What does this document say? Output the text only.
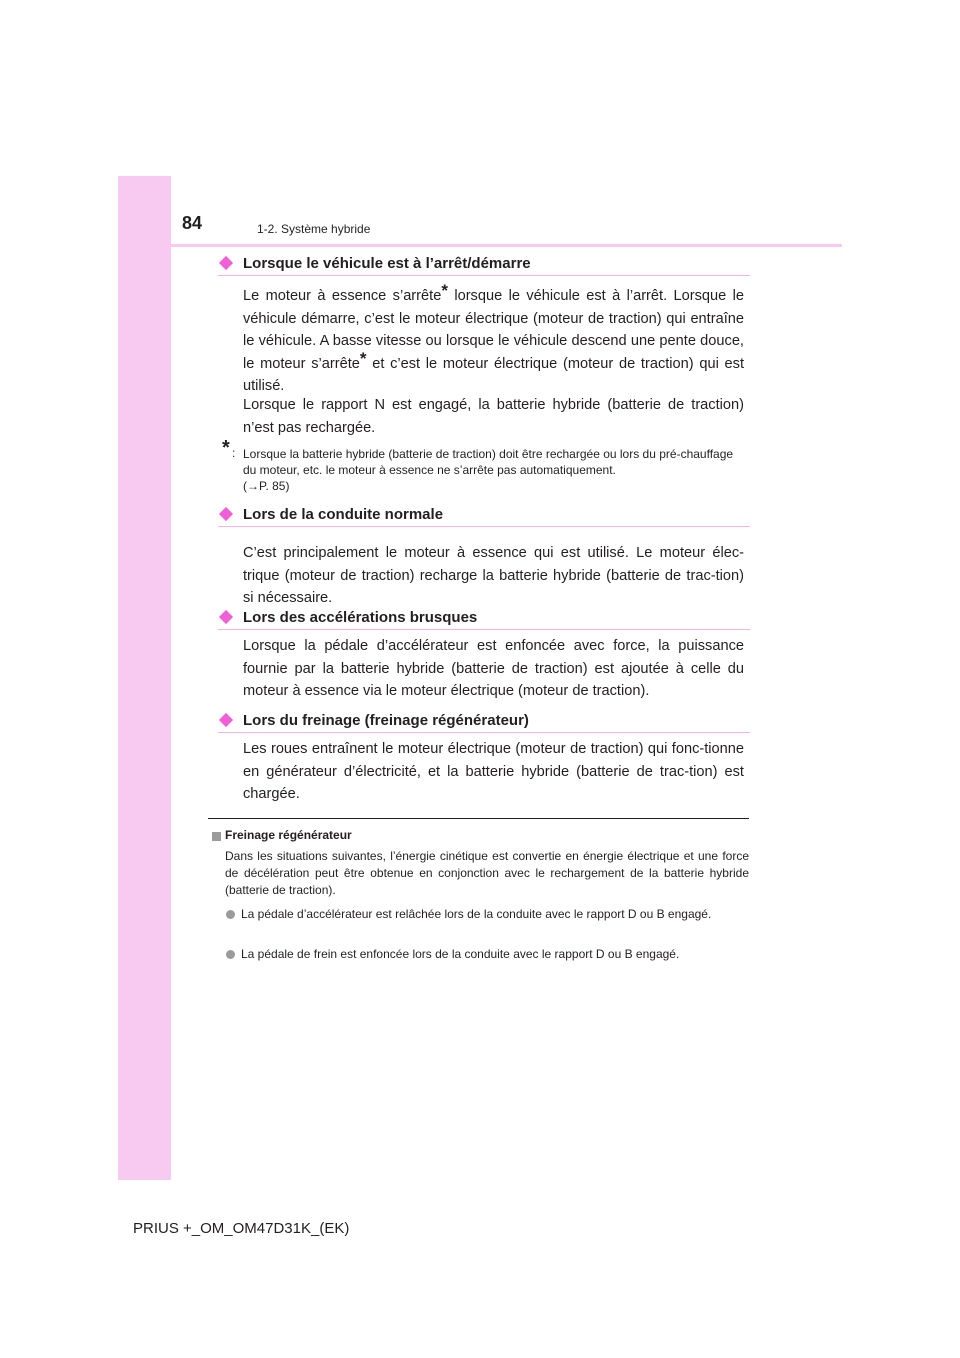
84	1-2. Système hybride
Lorsque le véhicule est à l’arrêt/démarre
Le moteur à essence s’arrête* lorsque le véhicule est à l’arrêt. Lorsque le véhicule démarre, c’est le moteur électrique (moteur de traction) qui entraîne le véhicule. A basse vitesse ou lorsque le véhicule descend une pente douce, le moteur s’arrête* et c’est le moteur électrique (moteur de traction) qui est utilisé.
Lorsque le rapport N est engagé, la batterie hybride (batterie de traction) n’est pas rechargée.
* : Lorsque la batterie hybride (batterie de traction) doit être rechargée ou lors du pré-chauffage du moteur, etc. le moteur à essence ne s’arrête pas automatiquement.
(→P. 85)
Lors de la conduite normale
C’est principalement le moteur à essence qui est utilisé. Le moteur élec-trique (moteur de traction) recharge la batterie hybride (batterie de trac-tion) si nécessaire.
Lors des accélérations brusques
Lorsque la pédale d’accélérateur est enfoncée avec force, la puissance fournie par la batterie hybride (batterie de traction) est ajoutée à celle du moteur à essence via le moteur électrique (moteur de traction).
Lors du freinage (freinage régénérateur)
Les roues entraînent le moteur électrique (moteur de traction) qui fonc-tionne en générateur d’électricité, et la batterie hybride (batterie de trac-tion) est chargée.
Freinage régénérateur
Dans les situations suivantes, l’énergie cinétique est convertie en énergie électrique et une force de décélération peut être obtenue en conjonction avec le rechargement de la batterie hybride (batterie de traction).
La pédale d’accélérateur est relâchée lors de la conduite avec le rapport D ou B engagé.
La pédale de frein est enfoncée lors de la conduite avec le rapport D ou B engagé.
PRIUS +_OM_OM47D31K_(EK)
